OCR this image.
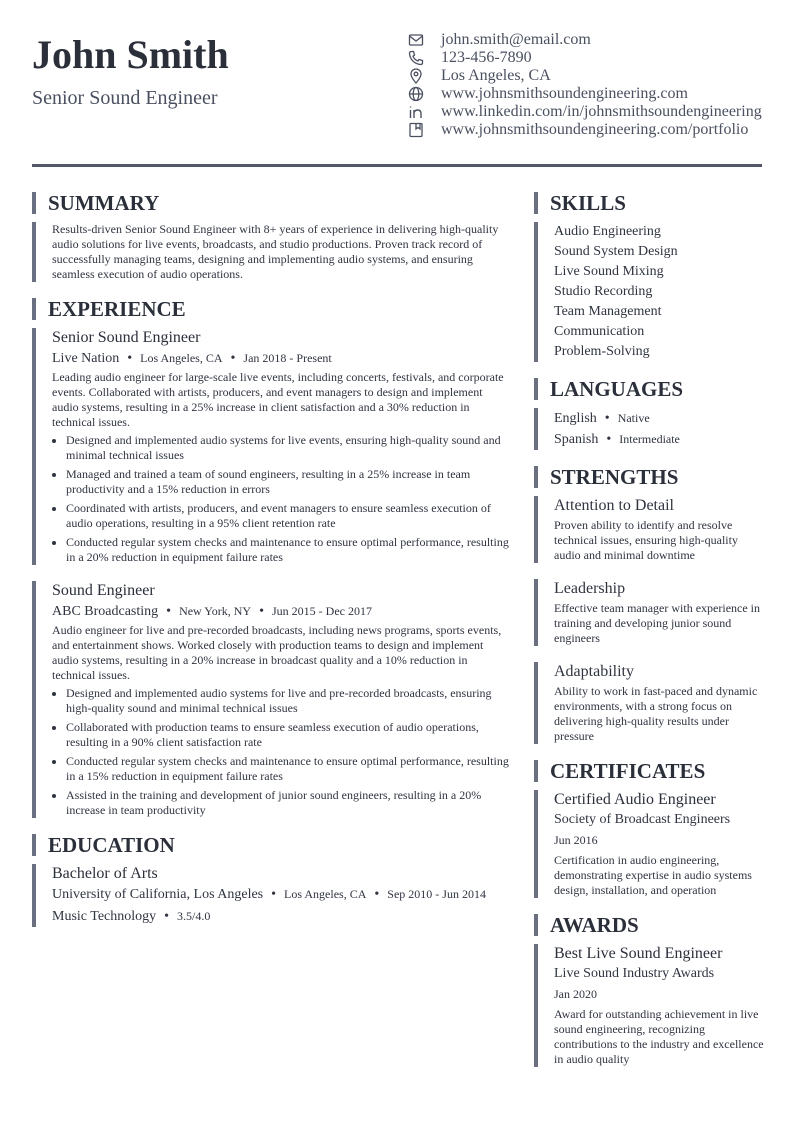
John Smith
Senior Sound Engineer
john.smith@email.com
123-456-7890
Los Angeles, CA
www.johnsmithsoundengineering.com
www.linkedin.com/in/johnsmithsoundengineering
www.johnsmithsoundengineering.com/portfolio
SUMMARY
Results-driven Senior Sound Engineer with 8+ years of experience in delivering high-quality audio solutions for live events, broadcasts, and studio productions. Proven track record of successfully managing teams, designing and implementing audio systems, and ensuring seamless execution of audio operations.
EXPERIENCE
Senior Sound Engineer
Live Nation • Los Angeles, CA • Jan 2018 - Present
Leading audio engineer for large-scale live events, including concerts, festivals, and corporate events. Collaborated with artists, producers, and event managers to design and implement audio systems, resulting in a 25% increase in client satisfaction and a 30% reduction in technical issues.
• Designed and implemented audio systems for live events, ensuring high-quality sound and minimal technical issues
• Managed and trained a team of sound engineers, resulting in a 25% increase in team productivity and a 15% reduction in errors
• Coordinated with artists, producers, and event managers to ensure seamless execution of audio operations, resulting in a 95% client retention rate
• Conducted regular system checks and maintenance to ensure optimal performance, resulting in a 20% reduction in equipment failure rates
Sound Engineer
ABC Broadcasting • New York, NY • Jun 2015 - Dec 2017
Audio engineer for live and pre-recorded broadcasts, including news programs, sports events, and entertainment shows. Worked closely with production teams to design and implement audio systems, resulting in a 20% increase in broadcast quality and a 10% reduction in technical issues.
• Designed and implemented audio systems for live and pre-recorded broadcasts, ensuring high-quality sound and minimal technical issues
• Collaborated with production teams to ensure seamless execution of audio operations, resulting in a 90% client satisfaction rate
• Conducted regular system checks and maintenance to ensure optimal performance, resulting in a 15% reduction in equipment failure rates
• Assisted in the training and development of junior sound engineers, resulting in a 20% increase in team productivity
EDUCATION
Bachelor of Arts
University of California, Los Angeles • Los Angeles, CA • Sep 2010 - Jun 2014
Music Technology • 3.5/4.0
SKILLS
Audio Engineering
Sound System Design
Live Sound Mixing
Studio Recording
Team Management
Communication
Problem-Solving
LANGUAGES
English • Native
Spanish • Intermediate
STRENGTHS
Attention to Detail
Proven ability to identify and resolve technical issues, ensuring high-quality audio and minimal downtime
Leadership
Effective team manager with experience in training and developing junior sound engineers
Adaptability
Ability to work in fast-paced and dynamic environments, with a strong focus on delivering high-quality results under pressure
CERTIFICATES
Certified Audio Engineer
Society of Broadcast Engineers
Jun 2016
Certification in audio engineering, demonstrating expertise in audio systems design, installation, and operation
AWARDS
Best Live Sound Engineer
Live Sound Industry Awards
Jan 2020
Award for outstanding achievement in live sound engineering, recognizing contributions to the industry and excellence in audio quality
